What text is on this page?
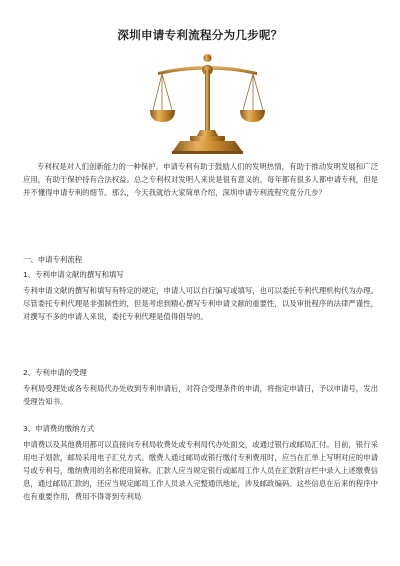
深圳申请专利流程分为几步呢？

专利权是对人们创新能力的一种保护。申请专利有助于鼓励人们的发明热情，有助于推动发明发展和广泛应用，有助于保护持有合法权益。总之专利权对发明人来说是很有意义的。每年都有很多人都申请专利，但是并不懂得申请专利的细节。那么，今天我就给大家简单介绍，深圳申请专利流程究竟分几步？

一、申请专利流程

1、专利申请文献的撰写和填写

专利申请文献的撰写和填写有特定的规定，申请人可以自行编写或填写，也可以委托专利代理机构代为办理。尽管委托专利代理是非强制性的，但是考虑到精心撰写专利申请文献的重要性，以及审批程序的法律严谨性，对撰写不多的申请人来说，委托专利代理是值得倡导的。

2、专利申请的受理

专利局受理处或各专利局代办处收到专利申请后，对符合受理条件的申请，将指定申请日，予以申请号，发出受理告知书。

3、申请费的缴纳方式

申请费以及其他费用都可以直接向专利局收费处或专利局代办处面交，或通过银行或邮局汇付。目前，银行采用电子划款，邮局采用电子汇兑方式。缴费人通过邮局或银行缴付专利费用时，应当在汇单上写明对应的申请号或专利号，缴纳费用的名称使用简称。汇款人应当规定银行或邮局工作人员在汇款附言栏中录入上述缴费信息，通过邮局汇款的，还应当规定邮局工作人员录入完整通讯地址，涉及邮政编码。这些信息在后来的程序中也有重要作用，费用不得寄到专利局
